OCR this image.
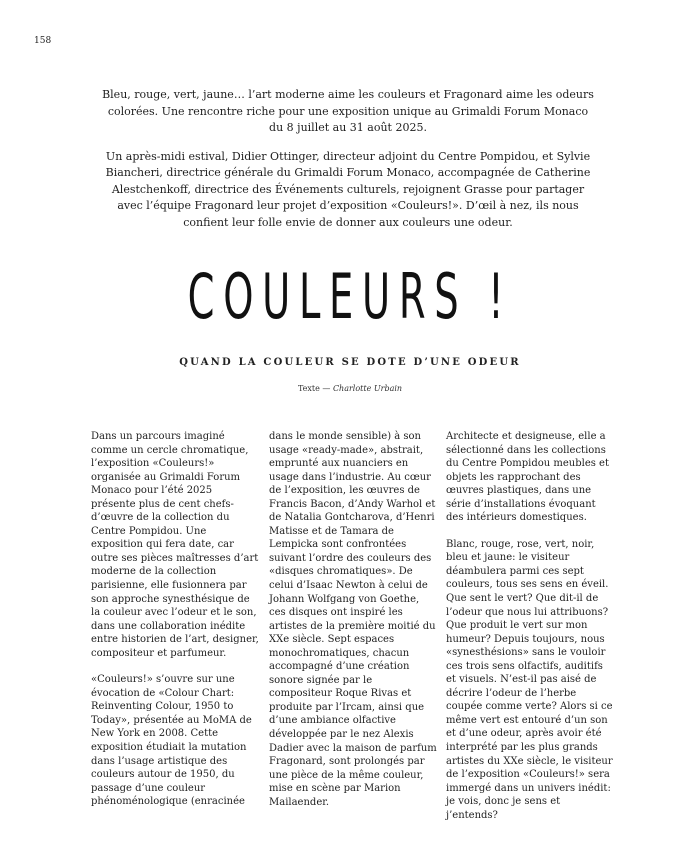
158

Bleu, rouge, vert, jaune… l’art moderne aime les couleurs et Fragonard aime les odeurs colorées. Une rencontre riche pour une exposition unique au Grimaldi Forum Monaco du 8 juillet au 31 août 2025.

Un après-midi estival, Didier Ottinger, directeur adjoint du Centre Pompidou, et Sylvie Biancheri, directrice générale du Grimaldi Forum Monaco, accompagnée de Catherine Alestchenkoff, directrice des Événements culturels, rejoignent Grasse pour partager avec l’équipe Fragonard leur projet d’exposition «Couleurs!». D’œil à nez, ils nous confient leur folle envie de donner aux couleurs une odeur.

COULEURS !
QUAND LA COULEUR SE DOTE D’UNE ODEUR
Texte — Charlotte Urbain

Dans un parcours imaginé comme un cercle chromatique, l’exposition «Couleurs!» organisée au Grimaldi Forum Monaco pour l’été 2025 présente plus de cent chefs-d’œuvre de la collection du Centre Pompidou. Une exposition qui fera date, car outre ses pièces maîtresses d’art moderne de la collection parisienne, elle fusionnera par son approche synesthésique de la couleur avec l’odeur et le son, dans une collaboration inédite entre historien de l’art, designer, compositeur et parfumeur.

«Couleurs!» s’ouvre sur une évocation de «Colour Chart: Reinventing Colour, 1950 to Today», présentée au MoMA de New York en 2008. Cette exposition étudiait la mutation dans l’usage artistique des couleurs autour de 1950, du passage d’une couleur phénoménologique (enracinée

dans le monde sensible) à son usage «ready-made», abstrait, emprunté aux nuanciers en usage dans l’industrie. Au cœur de l’exposition, les œuvres de Francis Bacon, d’Andy Warhol et de Natalia Gontcharova, d’Henri Matisse et de Tamara de Lempicka sont confrontées suivant l’ordre des couleurs des «disques chromatiques». De celui d’Isaac Newton à celui de Johann Wolfgang von Goethe, ces disques ont inspiré les artistes de la première moitié du XXe siècle. Sept espaces monochromatiques, chacun accompagné d’une création sonore signée par le compositeur Roque Rivas et produite par l’Ircam, ainsi que d’une ambiance olfactive développée par le nez Alexis Dadier avec la maison de parfum Fragonard, sont prolongés par une pièce de la même couleur, mise en scène par Marion Mailaender.

Architecte et designeuse, elle a sélectionné dans les collections du Centre Pompidou meubles et objets les rapprochant des œuvres plastiques, dans une série d’installations évoquant des intérieurs domestiques.

Blanc, rouge, rose, vert, noir, bleu et jaune: le visiteur déambulera parmi ces sept couleurs, tous ses sens en éveil. Que sent le vert? Que dit-il de l’odeur que nous lui attribuons? Que produit le vert sur mon humeur? Depuis toujours, nous «synesthésions» sans le vouloir ces trois sens olfactifs, auditifs et visuels. N’est-il pas aisé de décrire l’odeur de l’herbe coupée comme verte? Alors si ce même vert est entouré d’un son et d’une odeur, après avoir été interprété par les plus grands artistes du XXe siècle, le visiteur de l’exposition «Couleurs!» sera immergé dans un univers inédit: je vois, donc je sens et j’entends?
